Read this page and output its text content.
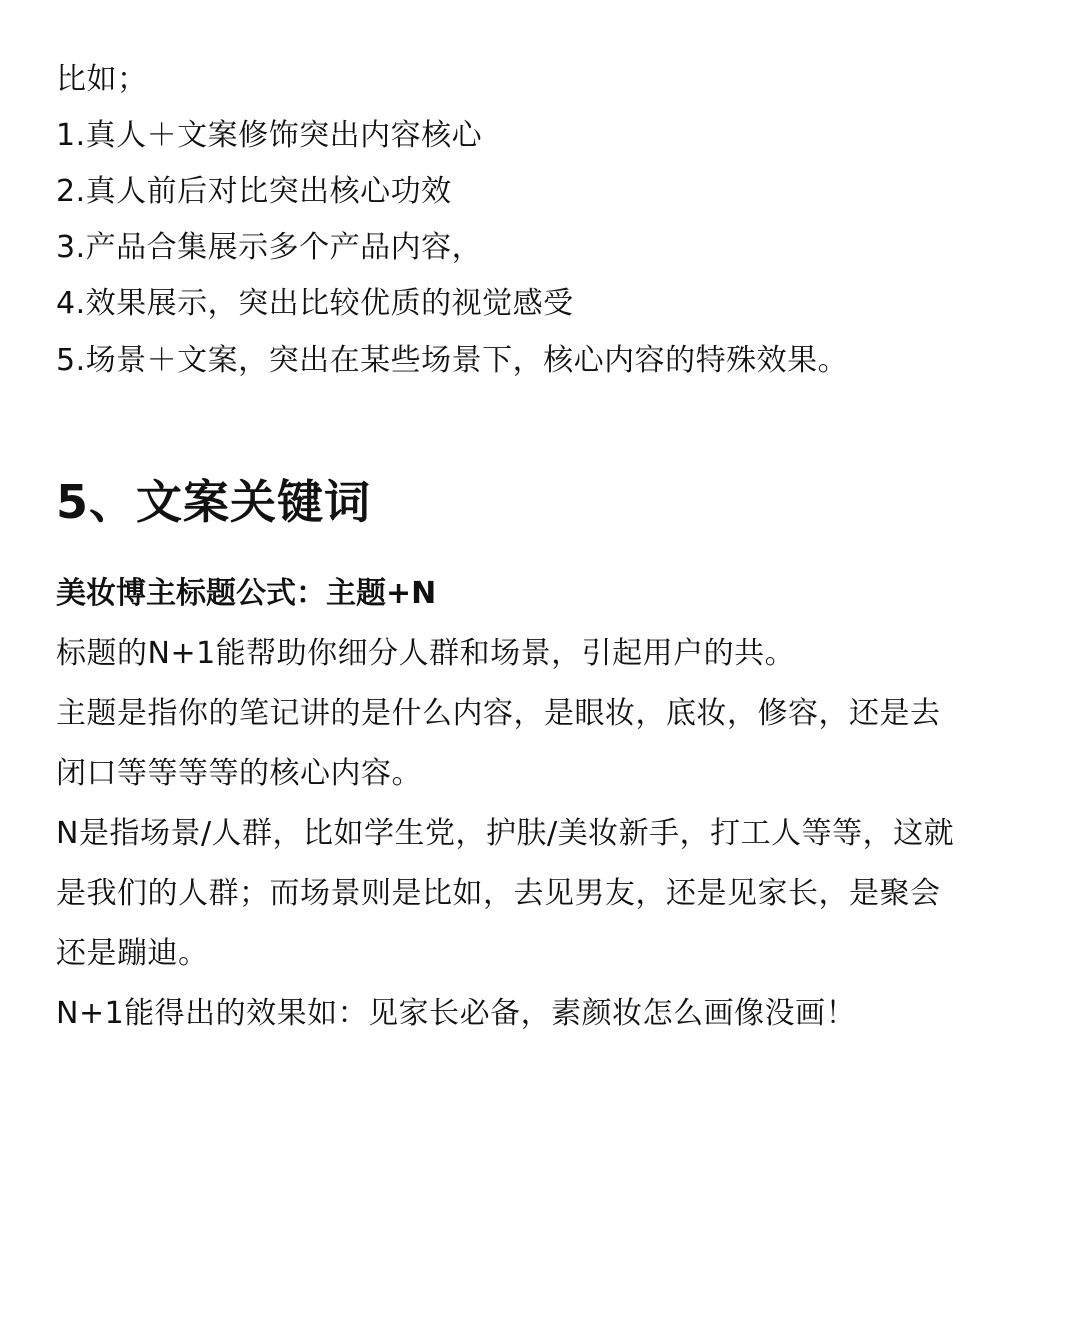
比如；
1.真人＋文案修饰突出内容核心
2.真人前后对比突出核心功效
3.产品合集展示多个产品内容，
4.效果展示，突出比较优质的视觉感受
5.场景＋文案，突出在某些场景下，核心内容的特殊效果。
5、文案关键词
美妆博主标题公式：主题+N
标题的N+1能帮助你细分人群和场景，引起用户的共。
主题是指你的笔记讲的是什么内容，是眼妆，底妆，修容，还是去
闭口等等等等的核心内容。
N是指场景/人群，比如学生党，护肤/美妆新手，打工人等等，这就
是我们的人群；而场景则是比如，去见男友，还是见家长，是聚会
还是蹦迪。
N+1能得出的效果如：见家长必备，素颜妆怎么画像没画！
